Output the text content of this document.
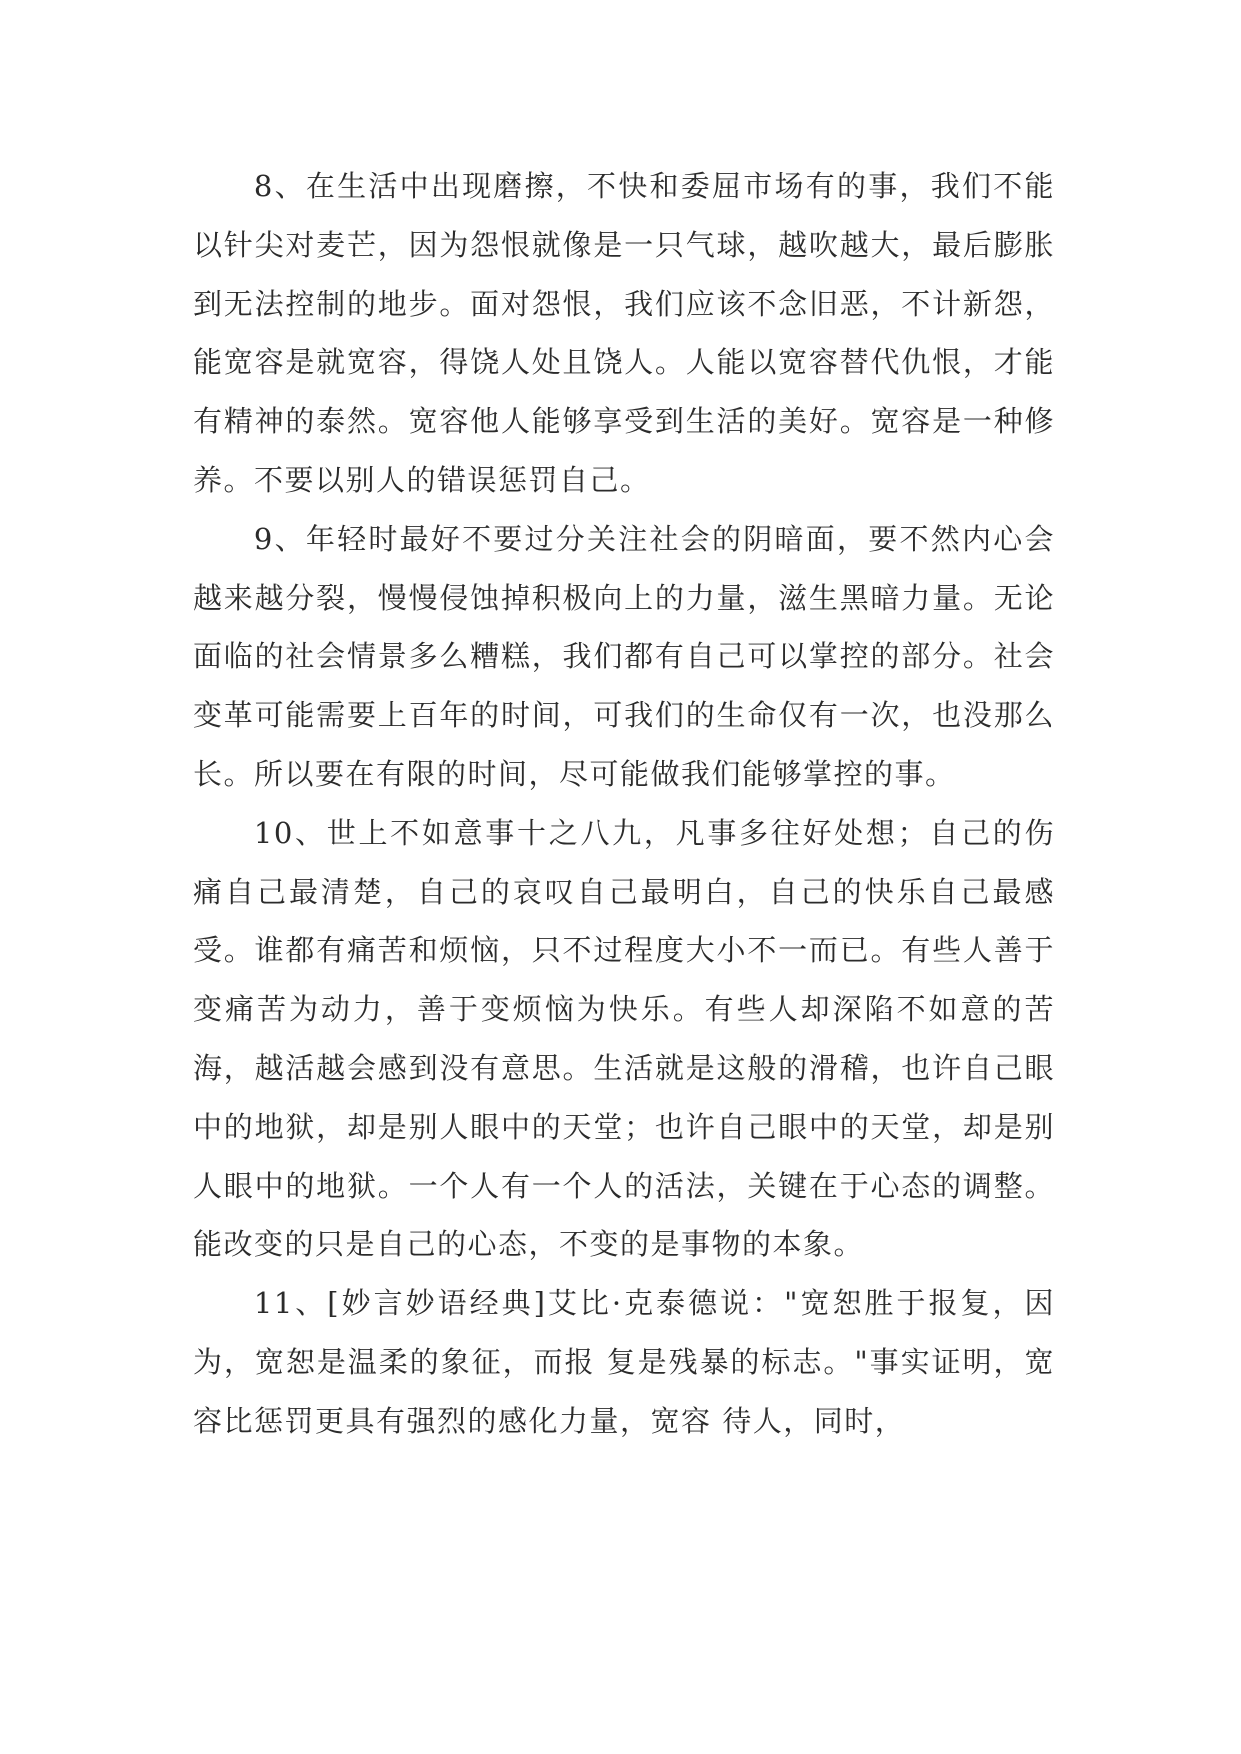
8、在生活中出现磨擦，不快和委屈市场有的事，我们不能以针尖对麦芒，因为怨恨就像是一只气球，越吹越大，最后膨胀到无法控制的地步。面对怨恨，我们应该不念旧恶，不计新怨，能宽容是就宽容，得饶人处且饶人。人能以宽容替代仇恨，才能有精神的泰然。宽容他人能够享受到生活的美好。宽容是一种修养。不要以别人的错误惩罚自己。

9、年轻时最好不要过分关注社会的阴暗面，要不然内心会越来越分裂，慢慢侵蚀掉积极向上的力量，滋生黑暗力量。无论面临的社会情景多么糟糕，我们都有自己可以掌控的部分。社会变革可能需要上百年的时间，可我们的生命仅有一次，也没那么长。所以要在有限的时间，尽可能做我们能够掌控的事。

10、世上不如意事十之八九，凡事多往好处想；自己的伤痛自己最清楚，自己的哀叹自己最明白，自己的快乐自己最感受。谁都有痛苦和烦恼，只不过程度大小不一而已。有些人善于变痛苦为动力，善于变烦恼为快乐。有些人却深陷不如意的苦海，越活越会感到没有意思。生活就是这般的滑稽，也许自己眼中的地狱，却是别人眼中的天堂；也许自己眼中的天堂，却是别人眼中的地狱。一个人有一个人的活法，关键在于心态的调整。能改变的只是自己的心态，不变的是事物的本象。

11、[妙言妙语经典]艾比·克泰德说："宽恕胜于报复，因为，宽恕是温柔的象征，而报 复是残暴的标志。"事实证明，宽容比惩罚更具有强烈的感化力量，宽容 待人，同时，
